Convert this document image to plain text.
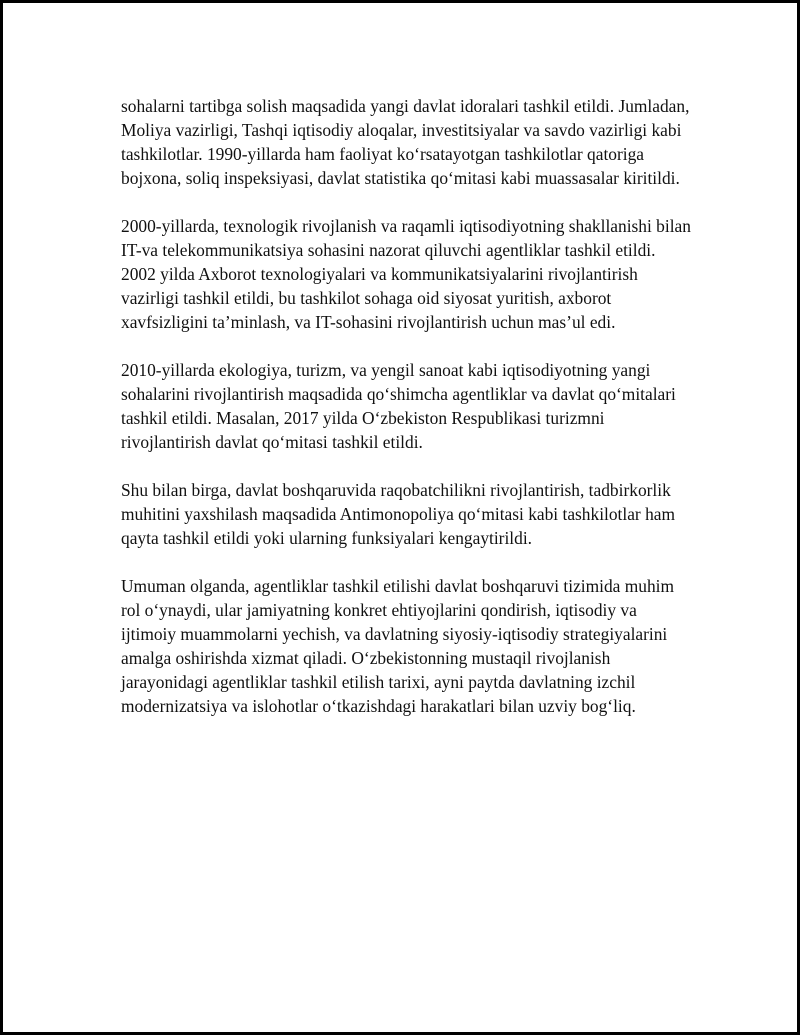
sohalarni tartibga solish maqsadida yangi davlat idoralari tashkil etildi. Jumladan, Moliya vazirligi, Tashqi iqtisodiy aloqalar, investitsiyalar va savdo vazirligi kabi tashkilotlar. 1990-yillarda ham faoliyat ko‘rsatayotgan tashkilotlar qatoriga bojxona, soliq inspeksiyasi, davlat statistika qo‘mitasi kabi muassasalar kiritildi.

2000-yillarda, texnologik rivojlanish va raqamli iqtisodiyotning shakllanishi bilan IT-va telekommunikatsiya sohasini nazorat qiluvchi agentliklar tashkil etildi. 2002 yilda Axborot texnologiyalari va kommunikatsiyalarini rivojlantirish vazirligi tashkil etildi, bu tashkilot sohaga oid siyosat yuritish, axborot xavfsizligini ta’minlash, va IT-sohasini rivojlantirish uchun mas’ul edi.

2010-yillarda ekologiya, turizm, va yengil sanoat kabi iqtisodiyotning yangi sohalarini rivojlantirish maqsadida qo‘shimcha agentliklar va davlat qo‘mitalari tashkil etildi. Masalan, 2017 yilda O‘zbekiston Respublikasi turizmni rivojlantirish davlat qo‘mitasi tashkil etildi.

Shu bilan birga, davlat boshqaruvida raqobatchilikni rivojlantirish, tadbirkorlik muhitini yaxshilash maqsadida Antimonopoliya qo‘mitasi kabi tashkilotlar ham qayta tashkil etildi yoki ularning funksiyalari kengaytirildi.

Umuman olganda, agentliklar tashkil etilishi davlat boshqaruvi tizimida muhim rol o‘ynaydi, ular jamiyatning konkret ehtiyojlarini qondirish, iqtisodiy va ijtimoiy muammolarni yechish, va davlatning siyosiy-iqtisodiy strategiyalarini amalga oshirishda xizmat qiladi. O‘zbekistonning mustaqil rivojlanish jarayonidagi agentliklar tashkil etilish tarixi, ayni paytda davlatning izchil modernizatsiya va islohotlar o‘tkazishdagi harakatlari bilan uzviy bog‘liq.
